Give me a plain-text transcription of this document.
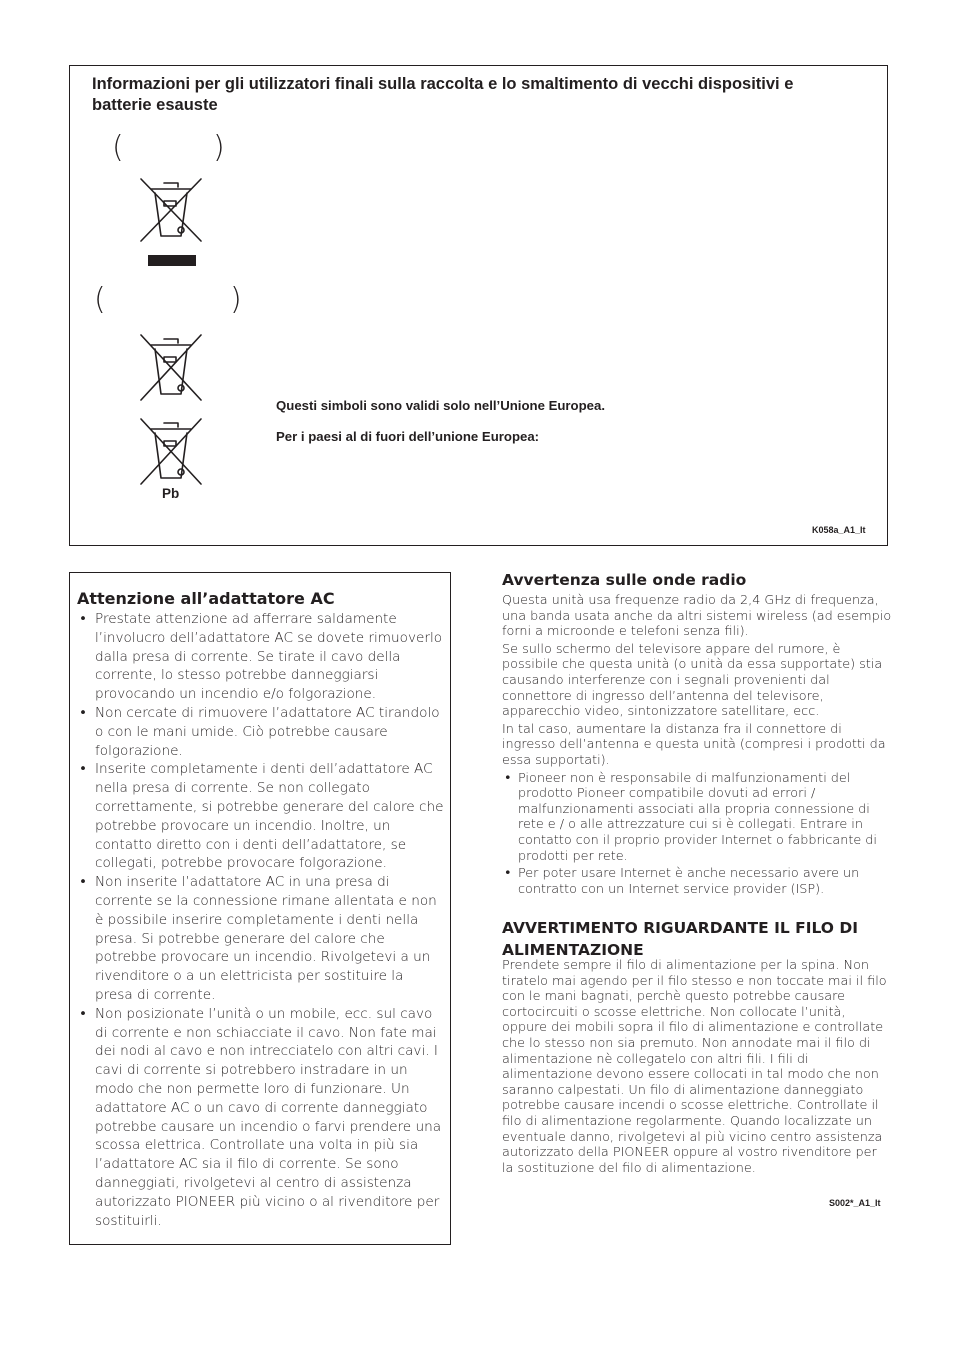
Informazioni per gli utilizzatori finali sulla raccolta e lo smaltimento di vecchi dispositivi e batterie esauste
(	)
(	)
Pb
Questi simboli sono validi solo nell’Unione Europea.
Per i paesi al di fuori dell’unione Europea:
K058a_A1_It
Attenzione all’adattatore AC
• Prestate attenzione ad afferrare saldamente l’involucro dell’adattatore AC se dovete rimuoverlo dalla presa di corrente. Se tirate il cavo della corrente, lo stesso potrebbe danneggiarsi provocando un incendio e/o folgorazione.
• Non cercate di rimuovere l’adattatore AC tirandolo o con le mani umide. Ciò potrebbe causare folgorazione.
• Inserite completamente i denti dell’adattatore AC nella presa di corrente. Se non collegato correttamente, si potrebbe generare del calore che potrebbe provocare un incendio. Inoltre, un contatto diretto con i denti dell’adattatore, se collegati, potrebbe provocare folgorazione.
• Non inserite l’adattatore AC in una presa di corrente se la connessione rimane allentata e non è possibile inserire completamente i denti nella presa. Si potrebbe generare del calore che potrebbe provocare un incendio. Rivolgetevi a un rivenditore o a un elettricista per sostituire la presa di corrente.
• Non posizionate l’unità o un mobile, ecc. sul cavo di corrente e non schiacciate il cavo. Non fate mai dei nodi al cavo e non intrecciatelo con altri cavi. I cavi di corrente si potrebbero instradare in un modo che non permette loro di funzionare. Un adattatore AC o un cavo di corrente danneggiato potrebbe causare un incendio o farvi prendere una scossa elettrica. Controllate una volta in più sia l’adattatore AC sia il filo di corrente. Se sono danneggiati, rivolgetevi al centro di assistenza autorizzato PIONEER più vicino o al rivenditore per sostituirli.
Avvertenza sulle onde radio

Questa unità usa frequenze radio da 2,4 GHz di frequenza, una banda usata anche da altri sistemi wireless (ad esempio forni a microonde e telefoni senza fili).

Se sullo schermo del televisore appare del rumore, è possibile che questa unità (o unità da essa supportate) stia causando interferenze con i segnali provenienti dal connettore di ingresso dell’antenna del televisore, apparecchio video, sintonizzatore satellitare, ecc.

In tal caso, aumentare la distanza fra il connettore di ingresso dell’antenna e questa unità (compresi i prodotti da essa supportati).

• Pioneer non è responsabile di malfunzionamenti del prodotto Pioneer compatibile dovuti ad errori / malfunzionamenti associati alla propria connessione di rete e / o alle attrezzature cui si è collegati. Entrare in contatto con il proprio provider Internet o fabbricante di prodotti per rete.
• Per poter usare Internet è anche necessario avere un contratto con un Internet service provider (ISP).
AVVERTIMENTO RIGUARDANTE IL FILO DI ALIMENTAZIONE
Prendete sempre il filo di alimentazione per la spina. Non tiratelo mai agendo per il filo stesso e non toccate mai il filo con le mani bagnati, perchè questo potrebbe causare cortocircuiti o scosse elettriche. Non collocate l’unità, oppure dei mobili sopra il filo di alimentazione e controllate che lo stesso non sia premuto. Non annodate mai il filo di alimentazione nè collegatelo con altri fili. I fili di alimentazione devono essere collocati in tal modo che non saranno calpestati. Un filo di alimentazione danneggiato potrebbe causare incendi o scosse elettriche. Controllate il filo di alimentazione regolarmente. Quando localizzate un eventuale danno, rivolgetevi al più vicino centro assistenza autorizzato della PIONEER oppure al vostro rivenditore per la sostituzione del filo di alimentazione.
S002*_A1_It
